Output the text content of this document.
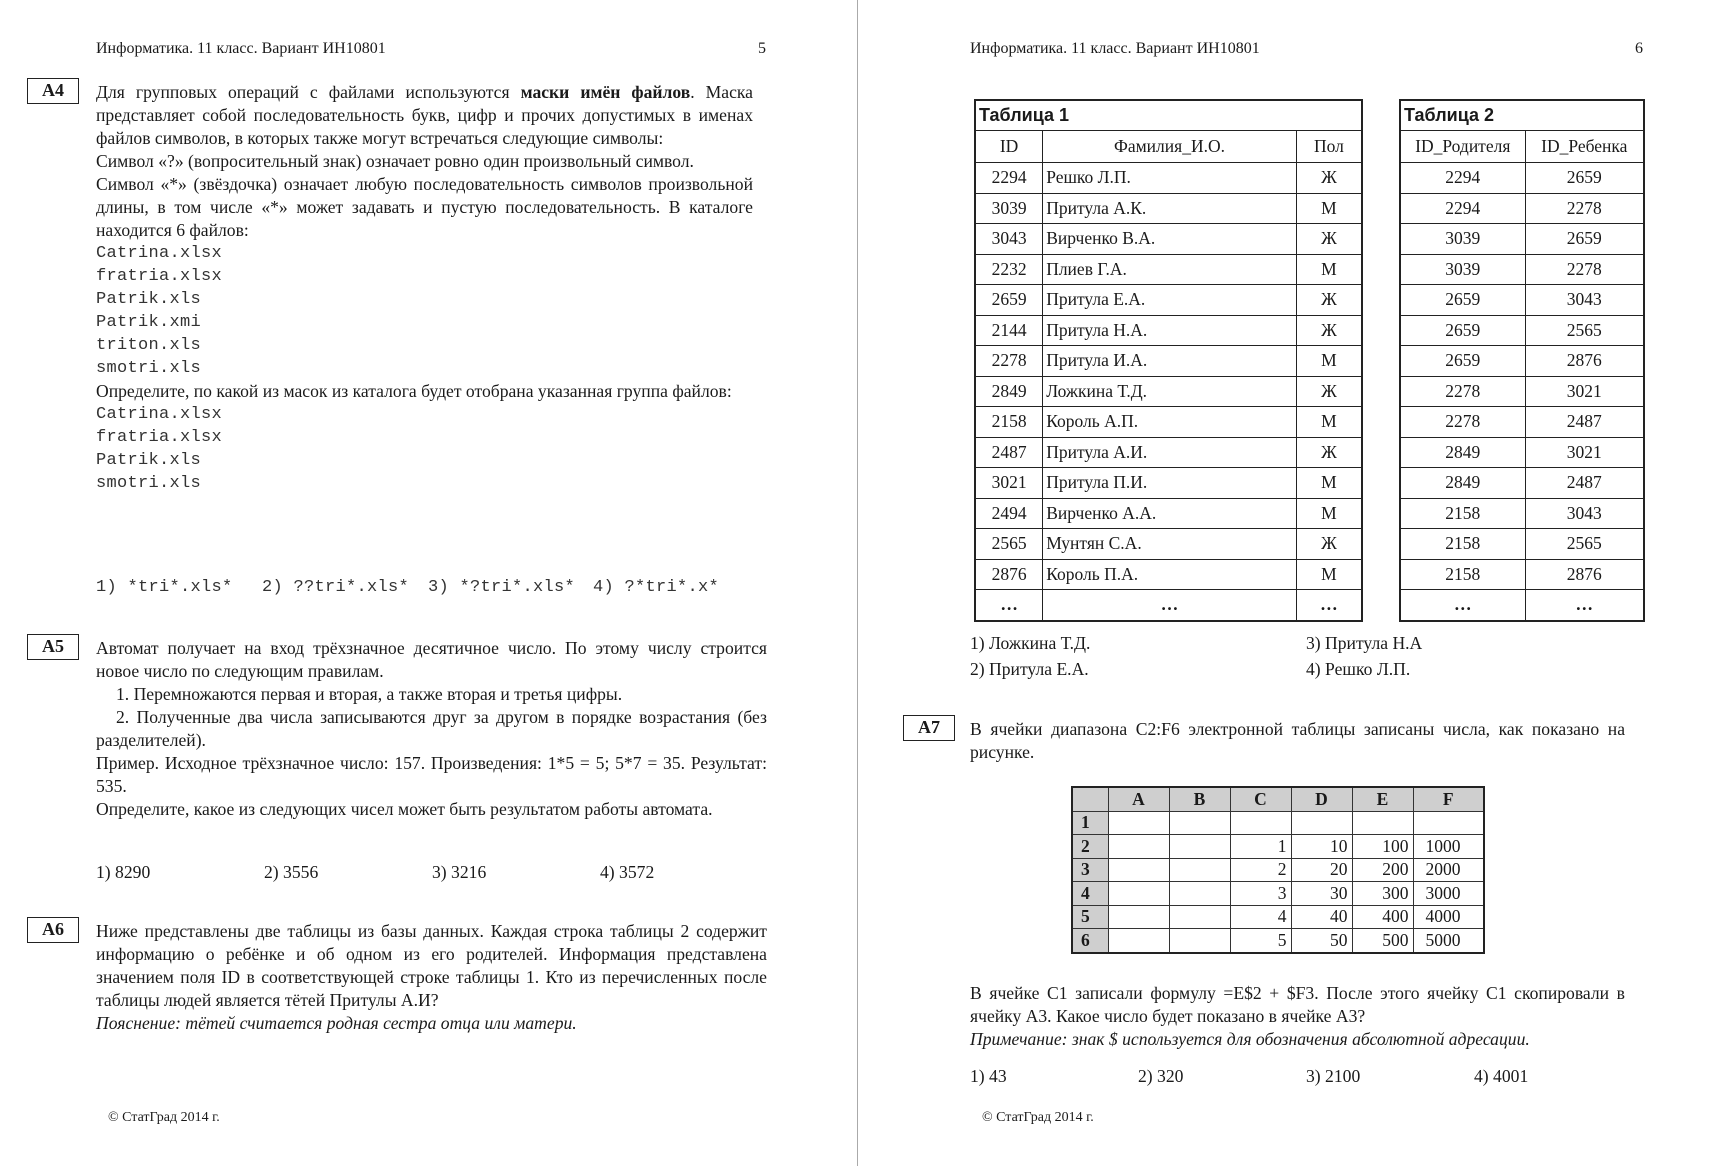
Информатика. 11 класс. Вариант ИН10801	5
A4	Для групповых операций с файлами используются маски имён файлов. Маска представляет собой последовательность букв, цифр и прочих допустимых в именах файлов символов, в которых также могут встречаться следующие символы:

Символ «?» (вопросительный знак) означает ровно один произвольный символ.

Символ «*» (звёздочка) означает любую последовательность символов произвольной длины, в том числе «*» может задавать и пустую последовательность. В каталоге находится 6 файлов:

Catrina.xlsx
fratria.xlsx
Patrik.xls
Patrik.xmi
triton.xls
smotri.xls

Определите, по какой из масок из каталога будет отобрана указанная группа файлов:

Catrina.xlsx
fratria.xlsx
Patrik.xls
smotri.xls
1) *tri*.xls* 2) ??tri*.xls* 3) *?tri*.xls* 4) ?*tri*.x*
A5	Автомат получает на вход трёхзначное десятичное число. По этому числу строится новое число по следующим правилам.

1. Перемножаются первая и вторая, а также вторая и третья цифры.

2. Полученные два числа записываются друг за другом в порядке возрастания (без разделителей).

Пример. Исходное трёхзначное число: 157. Произведения: 1*5 = 5; 5*7 = 35. Результат: 535.

Определите, какое из следующих чисел может быть результатом работы автомата.

1) 8290	2) 3556	3) 3216	4) 3572
A6	Ниже представлены две таблицы из базы данных. Каждая строка таблицы 2 содержит информацию о ребёнке и об одном из его родителей. Информация представлена значением поля ID в соответствующей строке таблицы 1. Кто из перечисленных после таблицы людей является тётей Притулы А.И?

Пояснение: тётей считается родная сестра отца или матери.

© СтатГрад 2014 г.
Информатика. 11 класс. Вариант ИН10801	6
Таблица 1		
ID	Фамилия_И.О.	Пол
2294	Решко Л.П.	Ж
3039	Притула А.К.	М
3043	Вирченко В.А.	Ж
2232	Плиев Г.А.	М
2659	Притула Е.А.	Ж
2144	Притула Н.А.	Ж
2278	Притула И.А.	М
2849	Ложкина Т.Д.	Ж
2158	Король А.П.	М
2487	Притула А.И.	Ж
3021	Притула П.И.	М
2494	Вирченко А.А.	М
2565	Мунтян С.А.	Ж
2876	Король П.А.	М
…	…	…
Таблица 2	
ID_Родителя	ID_Ребенка
2294	2659
2294	2278
3039	2659
3039	2278
2659	3043
2659	2565
2659	2876
2278	3021
2278	2487
2849	3021
2849	2487
2158	3043
2158	2565
2158	2876
…	…
1) Ложкина Т.Д.
2) Притула Е.А.
3) Притула Н.А
4) Решко Л.П.
A7	В ячейки диапазона C2:F6 электронной таблицы записаны числа, как показано на рисунке.

	A	B	C	D	E	F
1						
2			1	10	100	1000
3			2	20	200	2000
4			3	30	300	3000
5			4	40	400	4000
6			5	50	500	5000

В ячейке C1 записали формулу =E$2 + $F3. После этого ячейку C1 скопировали в ячейку A3. Какое число будет показано в ячейке A3?

Примечание: знак $ используется для обозначения абсолютной адресации.

1) 43	2) 320	3) 2100	4) 4001
© СтатГрад 2014 г.
